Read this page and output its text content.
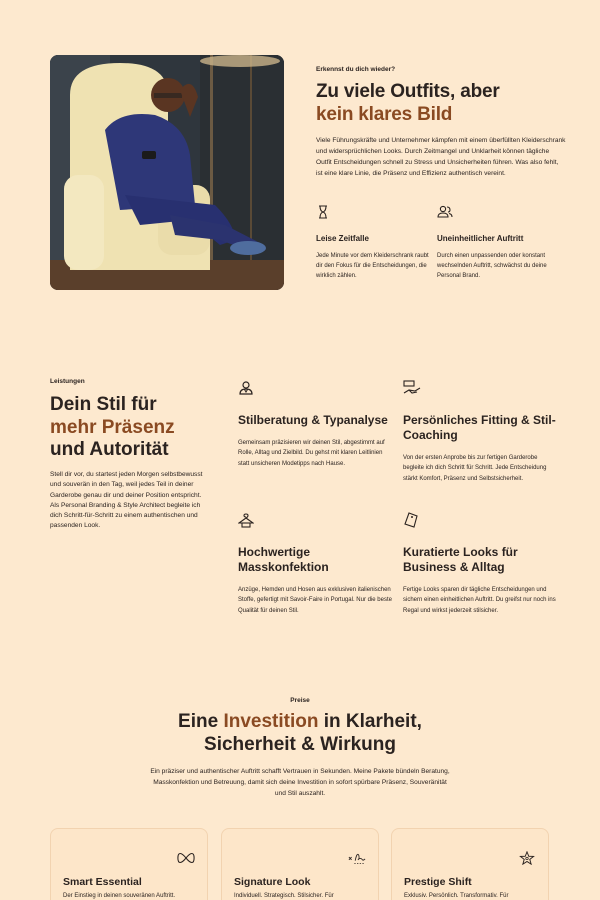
Erkennst du dich wieder?
Zu viele Outfits, aber
kein klares Bild

Viele Führungskräfte und Unternehmer kämpfen mit einem überfüllten Kleiderschrank und widersprüchlichen Looks. Durch Zeitmangel und Unklarheit können tägliche Outfit Entscheidungen schnell zu Stress und Unsicherheiten führen. Was also fehlt, ist eine klare Linie, die Präsenz und Effizienz authentisch vereint.

Leise Zeitfalle
Jede Minute vor dem Kleiderschrank raubt dir den Fokus für die Entscheidungen, die wirklich zählen.
Uneinheitlicher Auftritt
Durch einen unpassenden oder konstant wechselnden Auftritt, schwächst du deine Personal Brand.
Leistungen
Dein Stil für
mehr Präsenz
und Autorität

Stell dir vor, du startest jeden Morgen selbstbewusst und souverän in den Tag, weil jedes Teil in deiner Garderobe genau dir und deiner Position entspricht. Als Personal Branding & Style Architect begleite ich dich Schritt-für-Schritt zu einem authentischen und passenden Look.

Stilberatung & Typanalyse
Gemeinsam präzisieren wir deinen Stil, abgestimmt auf Rolle, Alltag und Zielbild. Du gehst mit klaren Leitlinien statt unsicheren Modetipps nach Hause.
Persönliches Fitting & Stil-Coaching
Von der ersten Anprobe bis zur fertigen Garderobe begleite ich dich Schritt für Schritt. Jede Entscheidung stärkt Komfort, Präsenz und Selbstsicherheit.
Hochwertige Masskonfektion
Anzüge, Hemden und Hosen aus exklusiven italienischen Stoffe, gefertigt mit Savoir-Faire in Portugal. Nur die beste Qualität für deinen Stil.
Kuratierte Looks für Business & Alltag
Fertige Looks sparen dir tägliche Entscheidungen und sichern einen einheitlichen Auftritt. Du greifst nur noch ins Regal und wirkst jederzeit stilsicher.
Preise
Eine Investition in Klarheit,
Sicherheit & Wirkung

Ein präziser und authentischer Auftritt schafft Vertrauen in Sekunden. Meine Pakete bündeln Beratung, Masskonfektion und Betreuung, damit sich deine Investition in sofort spürbare Präsenz, Souveränität und Stil auszahlt.

Smart Essential
Der Einstieg in deinen souveränen Auftritt.
Signature Look
Individuell. Strategisch. Stilsicher. Für
Prestige Shift
Exklusiv. Persönlich. Transformativ. Für
